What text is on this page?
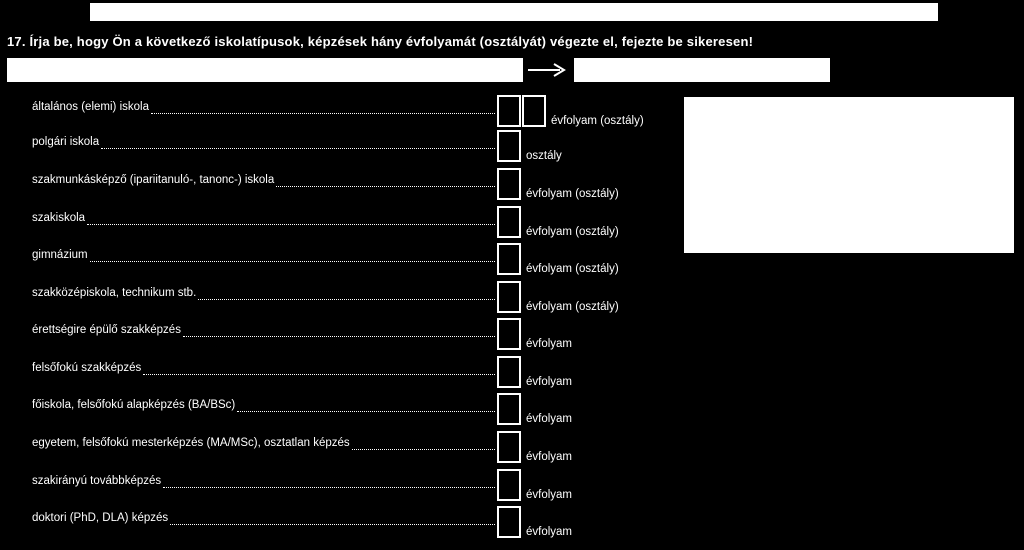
17. Írja be, hogy Ön a következő iskolatípusok, képzések hány évfolyamát (osztályát) végezte el, fejezte be sikeresen!
általános (elemi) iskola
évfolyam (osztály)
polgári iskola
osztály
szakmunkásképző (ipariitanuló-, tanonc-) iskola
évfolyam (osztály)
szakiskola
évfolyam (osztály)
gimnázium
évfolyam (osztály)
szakközépiskola, technikum stb.
évfolyam (osztály)
érettségire épülő szakképzés
évfolyam
felsőfokú szakképzés
évfolyam
főiskola, felsőfokú alapképzés (BA/BSc)
évfolyam
egyetem, felsőfokú mesterképzés (MA/MSc), osztatlan képzés
évfolyam
szakirányú továbbképzés
évfolyam
doktori (PhD, DLA) képzés
évfolyam
